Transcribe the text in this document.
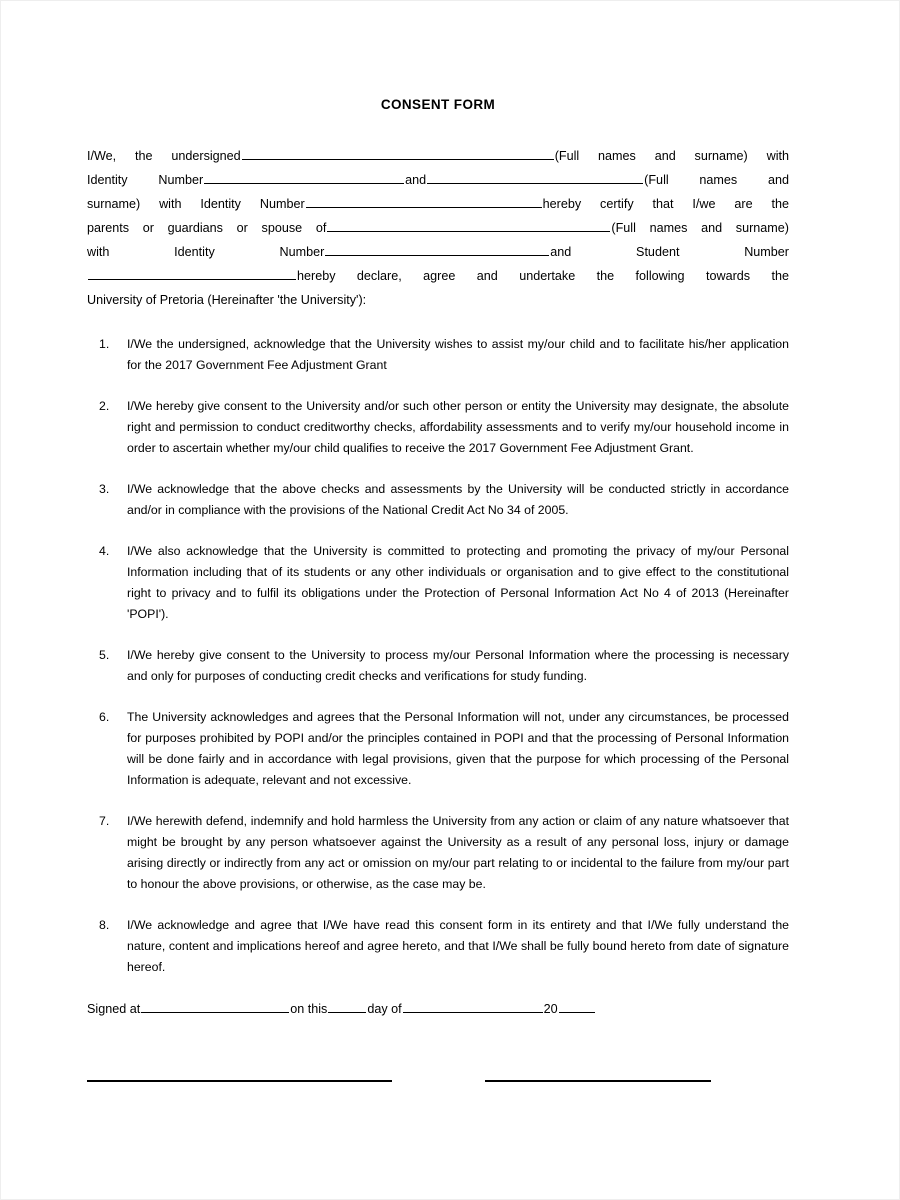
CONSENT FORM

I/We, the undersigned	(Full names and surname) with

Identity Number	and	(Full names and

surname) with Identity Number	hereby certify that I/we are the

parents or guardians or spouse of	(Full names and surname)

with Identity Number	and Student Number

hereby declare, agree and undertake the following towards the

University of Pretoria (Hereinafter 'the University'):

1.	I/We the undersigned, acknowledge that the University wishes to assist my/our child and to facilitate his/her application for the 2017 Government Fee Adjustment Grant
2.	I/We hereby give consent to the University and/or such other person or entity the University may designate, the absolute right and permission to conduct creditworthy checks, affordability assessments and to verify my/our household income in order to ascertain whether my/our child qualifies to receive the 2017 Government Fee Adjustment Grant.
3.	I/We acknowledge that the above checks and assessments by the University will be conducted strictly in accordance and/or in compliance with the provisions of the National Credit Act No 34 of 2005.
4.	I/We also acknowledge that the University is committed to protecting and promoting the privacy of my/our Personal Information including that of its students or any other individuals or organisation and to give effect to the constitutional right to privacy and to fulfil its obligations under the Protection of Personal Information Act No 4 of 2013 (Hereinafter 'POPI').
5.	I/We hereby give consent to the University to process my/our Personal Information where the processing is necessary and only for purposes of conducting credit checks and verifications for study funding.
6.	The University acknowledges and agrees that the Personal Information will not, under any circumstances, be processed for purposes prohibited by POPI and/or the principles contained in POPI and that the processing of Personal Information will be done fairly and in accordance with legal provisions, given that the purpose for which processing of the Personal Information is adequate, relevant and not excessive.
7.	I/We herewith defend, indemnify and hold harmless the University from any action or claim of any nature whatsoever that might be brought by any person whatsoever against the University as a result of any personal loss, injury or damage arising directly or indirectly from any act or omission on my/our part relating to or incidental to the failure from my/our part to honour the above provisions, or otherwise, as the case may be.
8.	I/We acknowledge and agree that I/We have read this consent form in its entirety and that I/We fully understand the nature, content and implications hereof and agree hereto, and that I/We shall be fully bound hereto from date of signature hereof.
Signed at	on this	day of	20
